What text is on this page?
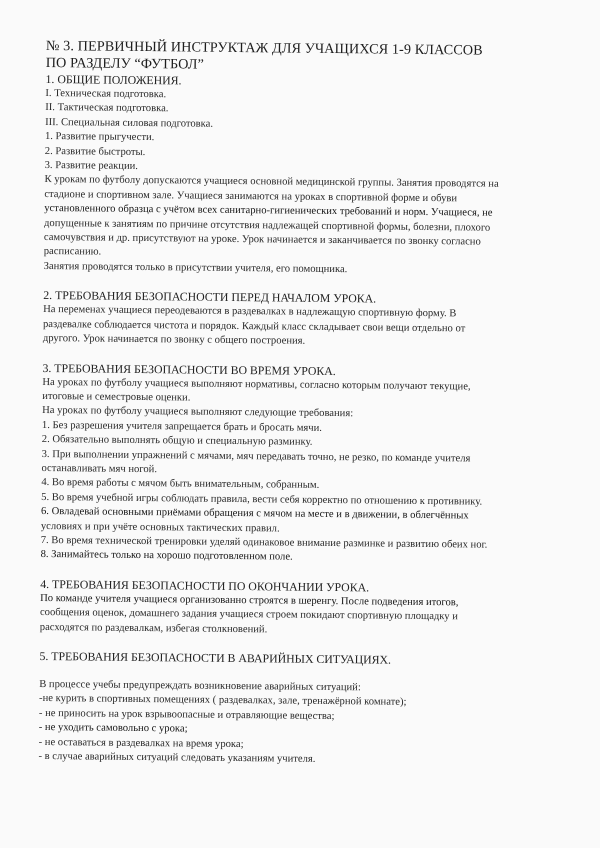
№ 3. ПЕРВИЧНЫЙ ИНСТРУКТАЖ ДЛЯ УЧАЩИХСЯ 1-9 КЛАССОВ

ПО РАЗДЕЛУ “ФУТБОЛ”

1. ОБЩИЕ ПОЛОЖЕНИЯ.
I. Техническая подготовка.
II. Тактическая подготовка.
III. Специальная силовая подготовка.
1. Развитие прыгучести.
2. Развитие быстроты.
3. Развитие реакции.
К урокам по футболу допускаются учащиеся основной медицинской группы. Занятия проводятся на
стадионе и спортивном зале. Учащиеся занимаются на уроках в спортивной форме и обуви
установленного образца с учётом всех санитарно-гигиенических требований и норм. Учащиеся, не
допущенные к занятиям по причине отсутствия надлежащей спортивной формы, болезни, плохого
самочувствия и др. присутствуют на уроке. Урок начинается и заканчивается по звонку согласно
расписанию.
Занятия проводятся только в присутствии учителя, его помощника.
2. ТРЕБОВАНИЯ БЕЗОПАСНОСТИ ПЕРЕД НАЧАЛОМ УРОКА.
На переменах учащиеся переодеваются в раздевалках в надлежащую спортивную форму. В
раздевалке соблюдается чистота и порядок. Каждый класс складывает свои вещи отдельно от
другого. Урок начинается по звонку с общего построения.
3. ТРЕБОВАНИЯ БЕЗОПАСНОСТИ ВО ВРЕМЯ УРОКА.
На уроках по футболу учащиеся выполняют нормативы, согласно которым получают текущие,
итоговые и семестровые оценки.
На уроках по футболу учащиеся выполняют следующие требования:
1. Без разрешения учителя запрещается брать и бросать мячи.
2. Обязательно выполнять общую и специальную разминку.
3. При выполнении упражнений с мячами, мяч передавать точно, не резко, по команде учителя
останавливать мяч ногой.
4. Во время работы с мячом быть внимательным, собранным.
5. Во время учебной игры соблюдать правила, вести себя корректно по отношению к противнику.
6. Овладевай основными приёмами обращения с мячом на месте и в движении, в облегчённых
условиях и при учёте основных тактических правил.
7. Во время технической тренировки уделяй одинаковое внимание разминке и развитию обеих ног.
8. Занимайтесь только на хорошо подготовленном поле.
4. ТРЕБОВАНИЯ БЕЗОПАСНОСТИ ПО ОКОНЧАНИИ УРОКА.
По команде учителя учащиеся организованно строятся в шеренгу. После подведения итогов,
сообщения оценок, домашнего задания учащиеся строем покидают спортивную площадку и
расходятся по раздевалкам, избегая столкновений.
5. ТРЕБОВАНИЯ БЕЗОПАСНОСТИ В АВАРИЙНЫХ СИТУАЦИЯХ.
В процессе учебы предупреждать возникновение аварийных ситуаций:
-не курить в спортивных помещениях ( раздевалках, зале, тренажёрной комнате);
- не приносить на урок взрывоопасные и отравляющие вещества;
- не уходить самовольно с урока;
- не оставаться в раздевалках на время урока;
- в случае аварийных ситуаций следовать указаниям учителя.
